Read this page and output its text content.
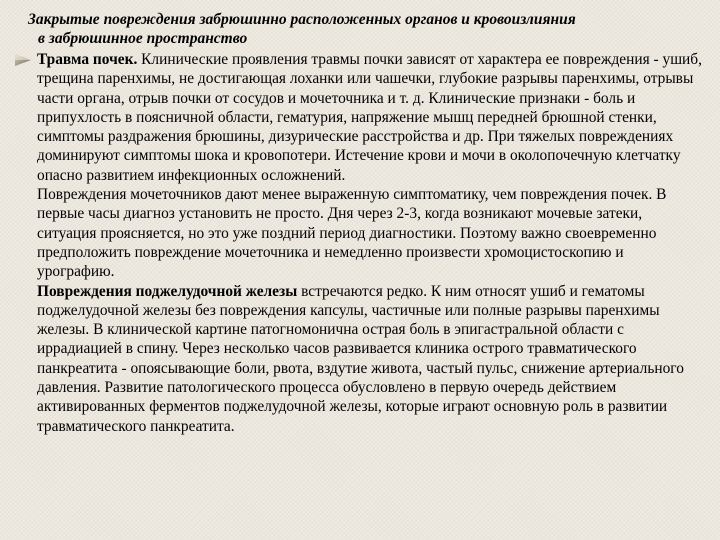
Закрытые повреждения забрюшинно расположенных органов и кровоизлияния
в забрюшинное пространство

Травма почек. Клинические проявления травмы почки зависят от характера ее повреждения - ушиб, трещина паренхимы, не достигающая лоханки или чашечки, глубокие разрывы паренхимы, отрывы части органа, отрыв почки от сосудов и мочеточника и т. д. Клинические признаки - боль и припухлость в поясничной области, гематурия, напряжение мышц передней брюшной стенки, симптомы раздражения брюшины, дизурические расстройства и др. При тяжелых повреждениях доминируют симптомы шока и кровопотери. Истечение крови и мочи в околопочечную клетчатку опасно развитием инфекционных осложнений.
Повреждения мочеточников дают менее выраженную симптоматику, чем повреждения почек. В первые часы диагноз установить не просто. Дня через 2-3, когда возникают мочевые затеки, ситуация проясняется, но это уже поздний период диагностики. Поэтому важно своевременно предположить повреждение мочеточника и немедленно произвести хромоцистоскопию и урографию.
Повреждения поджелудочной железы встречаются редко. К ним относят ушиб и гематомы поджелудочной железы без повреждения капсулы, частичные или полные разрывы паренхимы железы. В клинической картине патогномонична острая боль в эпигастральной области с иррадиацией в спину. Через несколько часов развивается клиника острого травматического панкреатита - опоясывающие боли, рвота, вздутие живота, частый пульс, снижение артериального давления. Развитие патологического процесса обусловлено в первую очередь действием активированных ферментов поджелудочной железы, которые играют основную роль в развитии травматического панкреатита.
